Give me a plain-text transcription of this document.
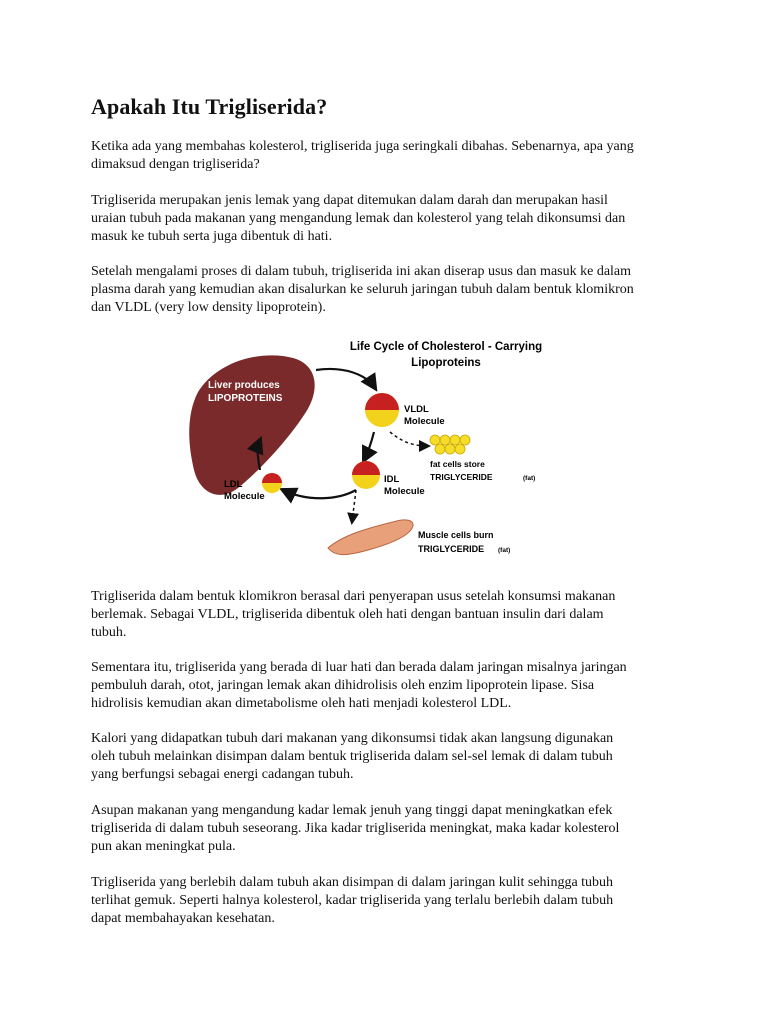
Apakah Itu Trigliserida?

Ketika ada yang membahas kolesterol, trigliserida juga seringkali dibahas. Sebenarnya, apa yang
dimaksud dengan trigliserida?

Trigliserida merupakan jenis lemak yang dapat ditemukan dalam darah dan merupakan hasil
uraian tubuh pada makanan yang mengandung lemak dan kolesterol yang telah dikonsumsi dan
masuk ke tubuh serta juga dibentuk di hati.

Setelah mengalami proses di dalam tubuh, trigliserida ini akan diserap usus dan masuk ke dalam
plasma darah yang kemudian akan disalurkan ke seluruh jaringan tubuh dalam bentuk klomikron
dan VLDL (very low density lipoprotein).

Life Cycle of Cholesterol - Carrying
Lipoproteins
Liver produces
LIPOPROTEINS
VLDL
Molecule
fat cells store
TRIGLYCERIDE	(fat)
IDL
Molecule
LDL
Molecule
Muscle cells burn
TRIGLYCERIDE (fat)

Trigliserida dalam bentuk klomikron berasal dari penyerapan usus setelah konsumsi makanan
berlemak. Sebagai VLDL, trigliserida dibentuk oleh hati dengan bantuan insulin dari dalam
tubuh.

Sementara itu, trigliserida yang berada di luar hati dan berada dalam jaringan misalnya jaringan
pembuluh darah, otot, jaringan lemak akan dihidrolisis oleh enzim lipoprotein lipase. Sisa
hidrolisis kemudian akan dimetabolisme oleh hati menjadi kolesterol LDL.

Kalori yang didapatkan tubuh dari makanan yang dikonsumsi tidak akan langsung digunakan
oleh tubuh melainkan disimpan dalam bentuk trigliserida dalam sel-sel lemak di dalam tubuh
yang berfungsi sebagai energi cadangan tubuh.

Asupan makanan yang mengandung kadar lemak jenuh yang tinggi dapat meningkatkan efek
trigliserida di dalam tubuh seseorang. Jika kadar trigliserida meningkat, maka kadar kolesterol
pun akan meningkat pula.

Trigliserida yang berlebih dalam tubuh akan disimpan di dalam jaringan kulit sehingga tubuh
terlihat gemuk. Seperti halnya kolesterol, kadar trigliserida yang terlalu berlebih dalam tubuh
dapat membahayakan kesehatan.
